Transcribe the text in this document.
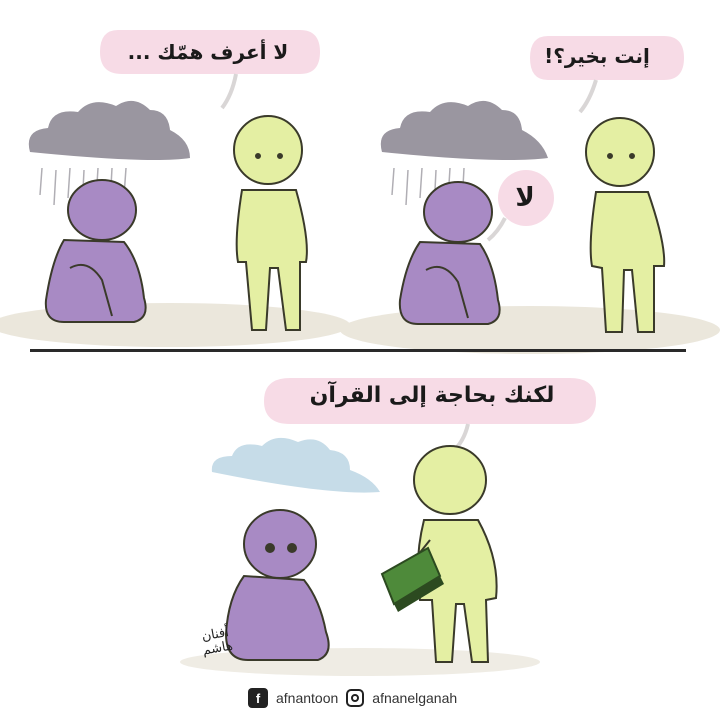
لا أعرف همّك ...	إنت بخير؟!
لا
لكنك بحاجة إلى القرآن
أفنان هاشم
f	afnantoon afnanelganah
